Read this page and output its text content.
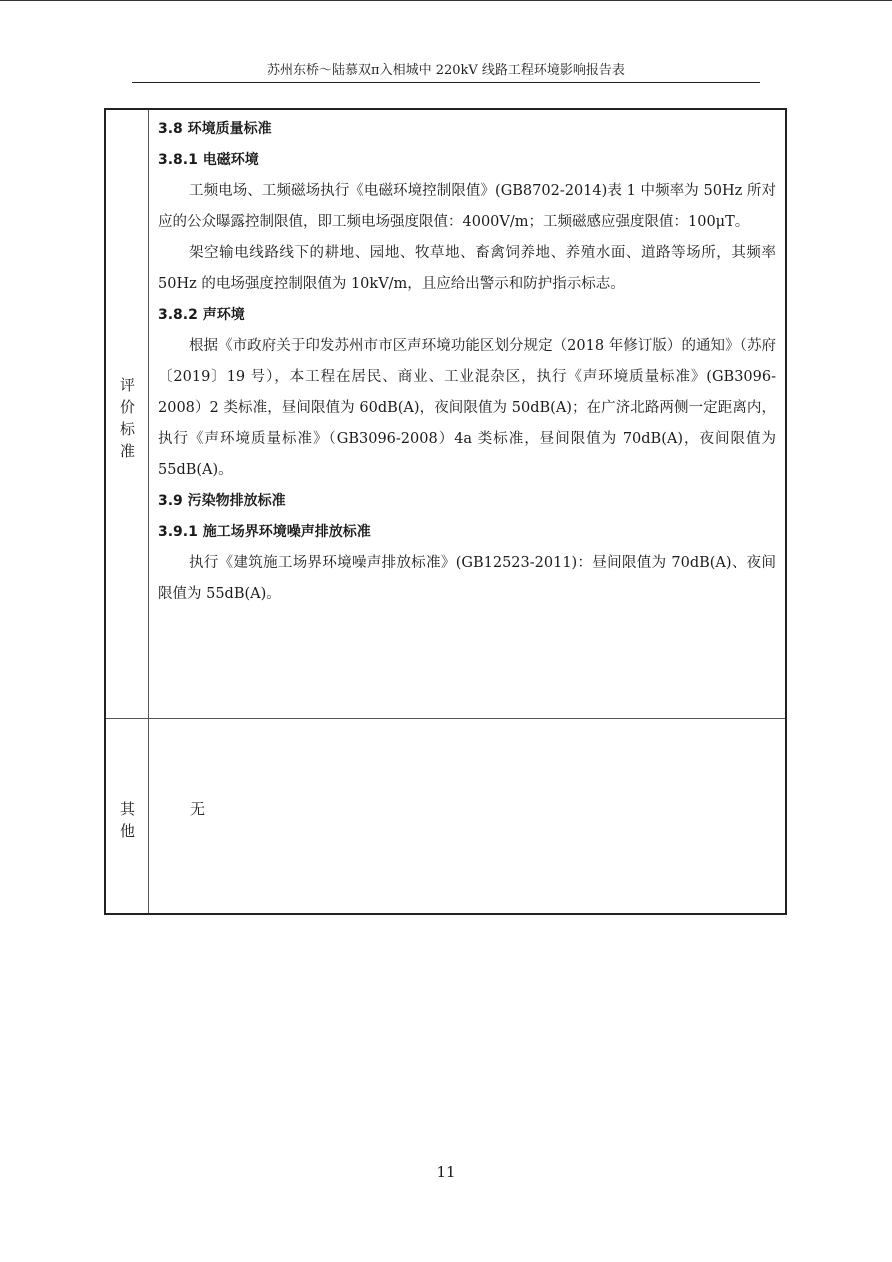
苏州东桥～陆慕双π入相城中 220kV 线路工程环境影响报告表
评价标准
3.8 环境质量标准
3.8.1 电磁环境

工频电场、工频磁场执行《电磁环境控制限值》(GB8702-2014)表 1 中频率为 50Hz 所对应的公众曝露控制限值，即工频电场强度限值：4000V/m；工频磁感应强度限值：100μT。

架空输电线路线下的耕地、园地、牧草地、畜禽饲养地、养殖水面、道路等场所，其频率 50Hz 的电场强度控制限值为 10kV/m，且应给出警示和防护指示标志。

3.8.2 声环境

根据《市政府关于印发苏州市市区声环境功能区划分规定（2018 年修订版）的通知》（苏府〔2019〕19 号），本工程在居民、商业、工业混杂区，执行《声环境质量标准》(GB3096-2008）2 类标准，昼间限值为 60dB(A)，夜间限值为 50dB(A)；在广济北路两侧一定距离内，执行《声环境质量标准》（GB3096-2008）4a 类标准，昼间限值为 70dB(A)，夜间限值为 55dB(A)。

3.9 污染物排放标准
3.9.1 施工场界环境噪声排放标准

执行《建筑施工场界环境噪声排放标准》(GB12523-2011)：昼间限值为 70dB(A)、夜间限值为 55dB(A)。

其他
无
11
